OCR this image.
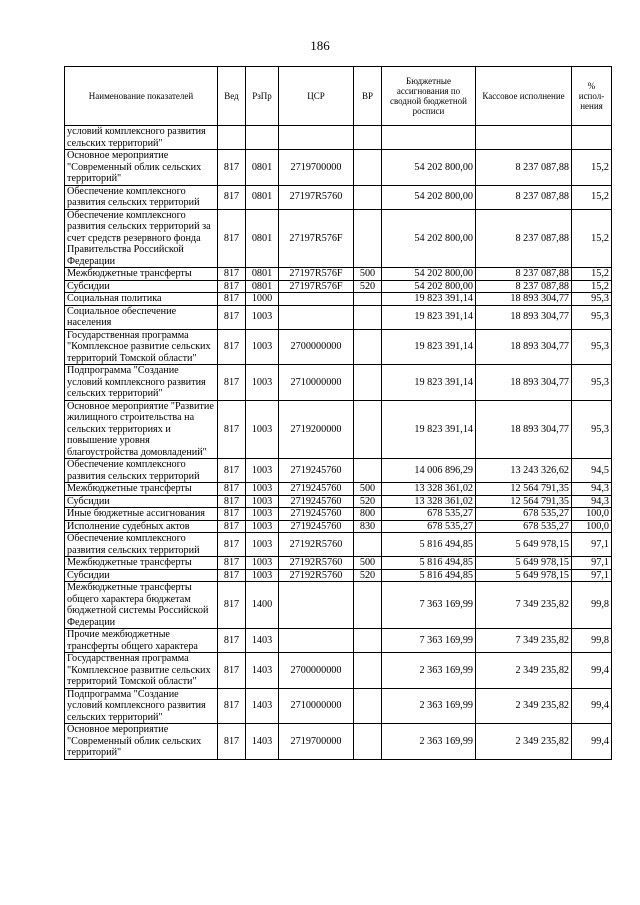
186
Наименование показателей	Вед	РзПр	ЦСР	ВР	Бюджетные ассигнования по сводной бюджетной росписи	Кассовое исполнение	% испол-нения
условий комплексного развития сельских территорий"							
Основное мероприятие "Современный облик сельских территорий"	817	0801	2719700000		54 202 800,00	8 237 087,88	15,2
Обеспечение комплексного развития сельских территорий	817	0801	27197R5760		54 202 800,00	8 237 087,88	15,2
Обеспечение комплексного развития сельских территорий за счет средств резервного фонда Правительства Российской Федерации	817	0801	27197R576F		54 202 800,00	8 237 087,88	15,2
Межбюджетные трансферты	817	0801	27197R576F	500	54 202 800,00	8 237 087,88	15,2
Субсидии	817	0801	27197R576F	520	54 202 800,00	8 237 087,88	15,2
Социальная политика	817	1000			19 823 391,14	18 893 304,77	95,3
Социальное обеспечение населения	817	1003			19 823 391,14	18 893 304,77	95,3
Государственная программа "Комплексное развитие сельских территорий Томской области"	817	1003	2700000000		19 823 391,14	18 893 304,77	95,3
Подпрограмма "Создание условий комплексного развития сельских территорий"	817	1003	2710000000		19 823 391,14	18 893 304,77	95,3
Основное мероприятие "Развитие жилищного строительства на сельских территориях и повышение уровня благоустройства домовладений"	817	1003	2719200000		19 823 391,14	18 893 304,77	95,3
Обеспечение комплексного развития сельских территорий	817	1003	2719245760		14 006 896,29	13 243 326,62	94,5
Межбюджетные трансферты	817	1003	2719245760	500	13 328 361,02	12 564 791,35	94,3
Субсидии	817	1003	2719245760	520	13 328 361,02	12 564 791,35	94,3
Иные бюджетные ассигнования	817	1003	2719245760	800	678 535,27	678 535,27	100,0
Исполнение судебных актов	817	1003	2719245760	830	678 535,27	678 535,27	100,0
Обеспечение комплексного развития сельских территорий	817	1003	27192R5760		5 816 494,85	5 649 978,15	97,1
Межбюджетные трансферты	817	1003	27192R5760	500	5 816 494,85	5 649 978,15	97,1
Субсидии	817	1003	27192R5760	520	5 816 494,85	5 649 978,15	97,1
Межбюджетные трансферты общего характера бюджетам бюджетной системы Российской Федерации	817	1400			7 363 169,99	7 349 235,82	99,8
Прочие межбюджетные трансферты общего характера	817	1403			7 363 169,99	7 349 235,82	99,8
Государственная программа "Комплексное развитие сельских территорий Томской области"	817	1403	2700000000		2 363 169,99	2 349 235,82	99,4
Подпрограмма "Создание условий комплексного развития сельских территорий"	817	1403	2710000000		2 363 169,99	2 349 235,82	99,4
Основное мероприятие "Современный облик сельских территорий"	817	1403	2719700000		2 363 169,99	2 349 235,82	99,4
